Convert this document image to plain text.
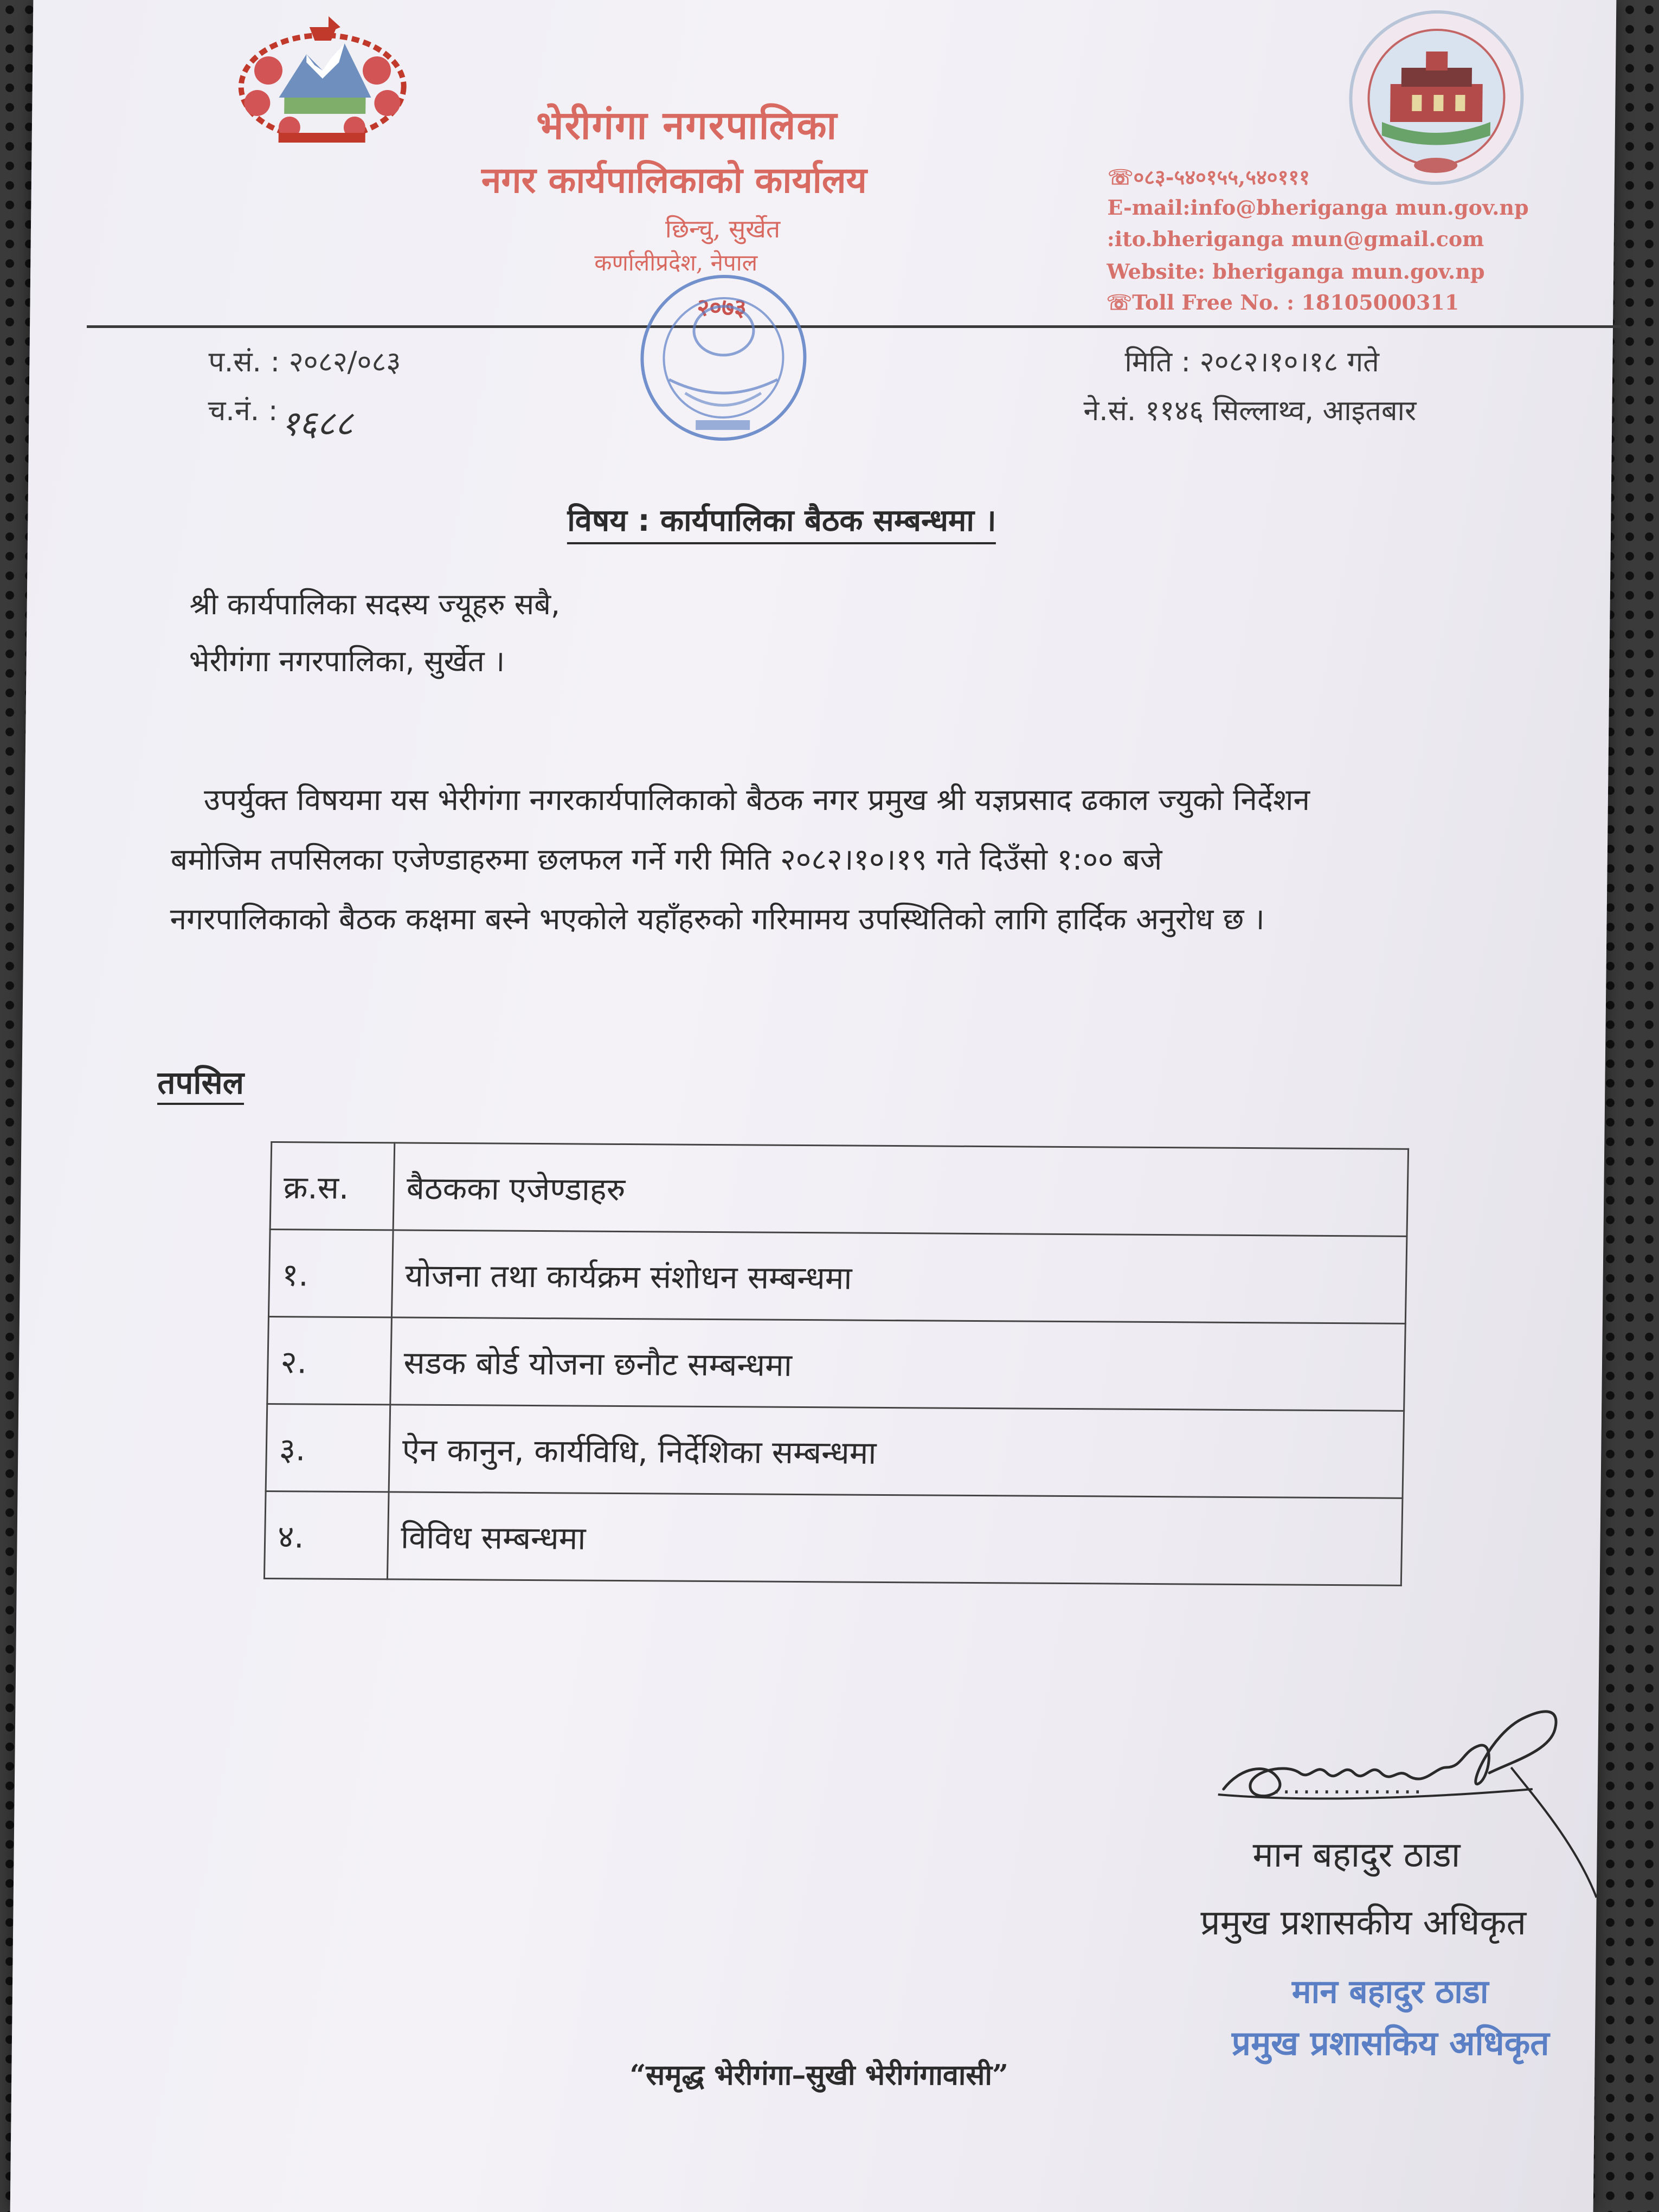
भेरीगंगा नगरपालिका
नगर कार्यपालिकाको कार्यालय
छिन्चु, सुर्खेत
कर्णालीप्रदेश, नेपाल
२०७३
☏०८३-५४०१५५,५४०१११
E-mail:info@bheriganga mun.gov.np
:ito.bheriganga mun@gmail.com
Website: bheriganga mun.gov.np
☏Toll Free No. : 18105000311
प.सं. : २०८२/०८३
च.नं. : १६८८
मिति : २०८२।१०।१८ गते
ने.सं. ११४६ सिल्लाथ्व, आइतबार
विषय : कार्यपालिका बैठक सम्बन्धमा ।
श्री कार्यपालिका सदस्य ज्यूहरु सबै,
भेरीगंगा नगरपालिका, सुर्खेत ।
उपर्युक्त विषयमा यस भेरीगंगा नगरकार्यपालिकाको बैठक नगर प्रमुख श्री यज्ञप्रसाद ढकाल ज्युको निर्देशन
बमोजिम तपसिलका एजेण्डाहरुमा छलफल गर्ने गरी मिति २०८२।१०।१९ गते दिउँसो १:०० बजे
नगरपालिकाको बैठक कक्षमा बस्ने भएकोले यहाँहरुको गरिमामय उपस्थितिको लागि हार्दिक अनुरोध छ ।
तपसिल
क्र.स.	बैठकका एजेण्डाहरु
१.	योजना तथा कार्यक्रम संशोधन सम्बन्धमा
२.	सडक बोर्ड योजना छनौट सम्बन्धमा
३.	ऐन कानुन, कार्यविधि, निर्देशिका सम्बन्धमा
४.	विविध सम्बन्धमा
...............
मान बहादुर ठाडा
प्रमुख प्रशासकीय अधिकृत
मान बहादुर ठाडा
प्रमुख प्रशासकिय अधिकृत
“समृद्ध भेरीगंगा–सुखी भेरीगंगावासी”
